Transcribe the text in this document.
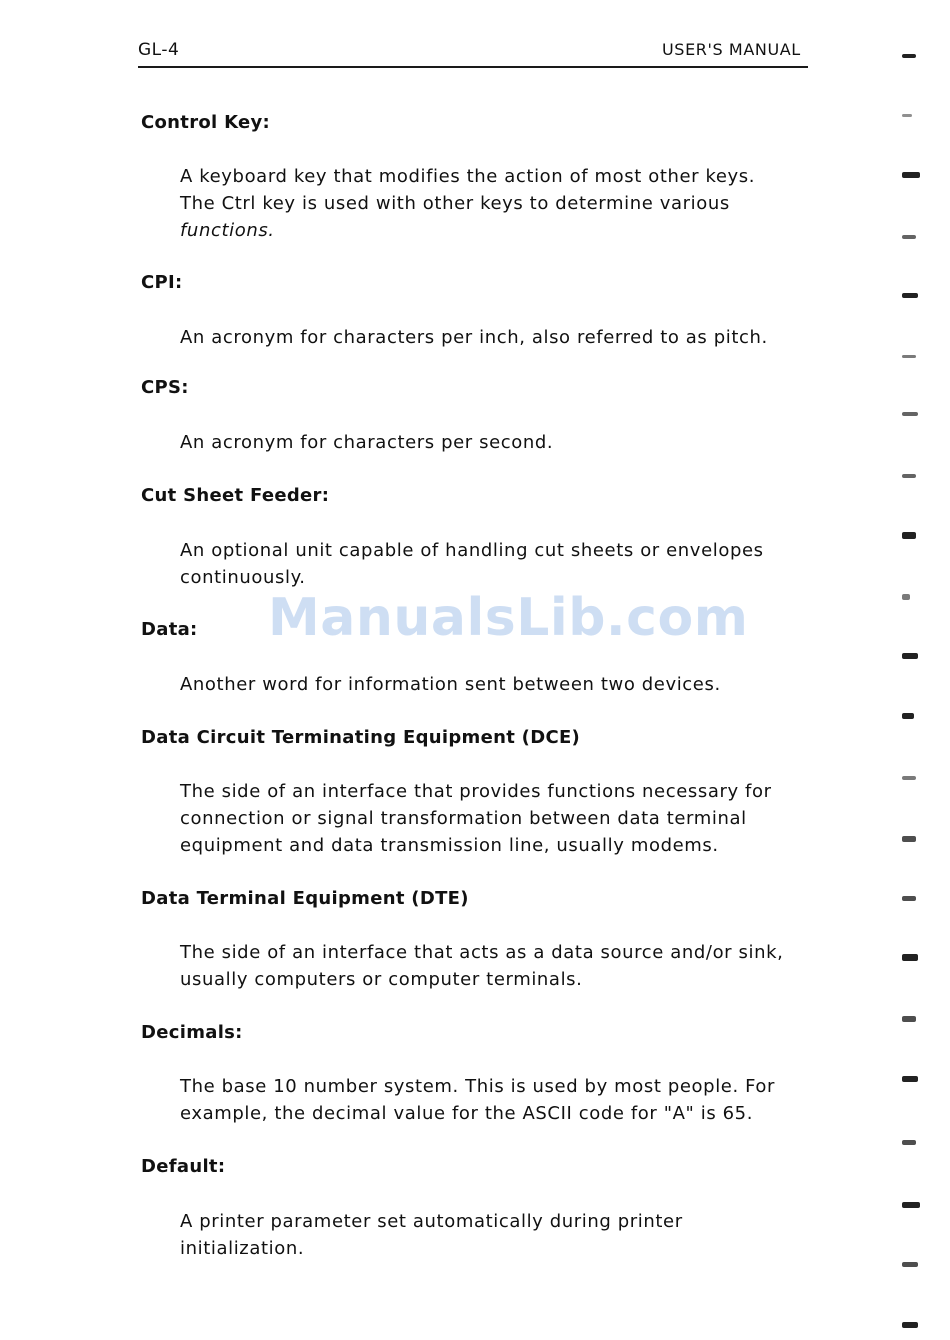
GL-4	USER'S MANUAL
ManualsLib.com
Control Key:
A keyboard key that modifies the action of most other keys.
The Ctrl key is used with other keys to determine various
functions.
CPI:
An acronym for characters per inch, also referred to as pitch.
CPS:
An acronym for characters per second.
Cut Sheet Feeder:
An optional unit capable of handling cut sheets or envelopes
continuously.
Data:
Another word for information sent between two devices.
Data Circuit Terminating Equipment (DCE)
The side of an interface that provides functions necessary for
connection or signal transformation between data terminal
equipment and data transmission line, usually modems.
Data Terminal Equipment (DTE)
The side of an interface that acts as a data source and/or sink,
usually computers or computer terminals.
Decimals:
The base 10 number system. This is used by most people. For
example, the decimal value for the ASCII code for "A" is 65.
Default:
A printer parameter set automatically during printer
initialization.
